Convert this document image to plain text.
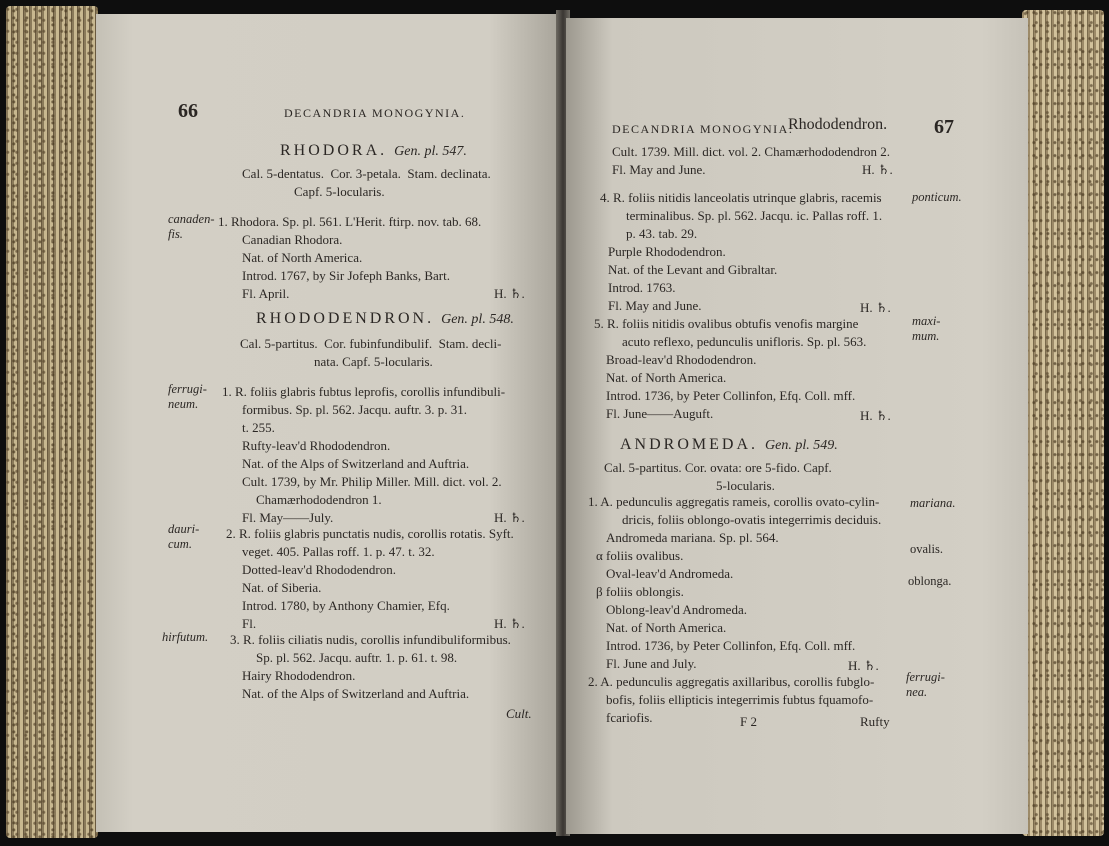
66	DECANDRIA MONOGYNIA.
RHODORA. Gen. pl. 547.
Cal. 5-dentatus. Cor. 3-petala. Stam. declinata.
Capf. 5-locularis.
canaden-fis.
1. Rhodora. Sp. pl. 561. L'Herit. ftirp. nov. tab. 68.
Canadian Rhodora.
Nat. of North America.
Introd. 1767, by Sir Jofeph Banks, Bart.
Fl. April.	H. ♄.
RHODODENDRON. Gen. pl. 548.
Cal. 5-partitus. Cor. fubinfundibulif. Stam. decli-
nata. Capf. 5-locularis.
ferrugi-neum.
1. R. foliis glabris fubtus leprofis, corollis infundibuli-
formibus. Sp. pl. 562. Jacqu. auftr. 3. p. 31.
t. 255.
Rufty-leav'd Rhododendron.
Nat. of the Alps of Switzerland and Auftria.
Cult. 1739, by Mr. Philip Miller. Mill. dict. vol. 2.
Chamærhododendron 1.
Fl. May——July.	H. ♄.
dauri-cum.
2. R. foliis glabris punctatis nudis, corollis rotatis. Syft.
veget. 405. Pallas roff. 1. p. 47. t. 32.
Dotted-leav'd Rhododendron.
Nat. of Siberia.
Introd. 1780, by Anthony Chamier, Efq.
Fl.	H. ♄.
hirfutum.	3. R. foliis ciliatis nudis, corollis infundibuliformibus.
Sp. pl. 562. Jacqu. auftr. 1. p. 61. t. 98.
Hairy Rhododendron.
Nat. of the Alps of Switzerland and Auftria.
Cult.
DECANDRIA MONOGYNIA.
Rhododendron. 67
Cult. 1739. Mill. dict. vol. 2. Chamærhododendron 2.
Fl. May and June.	H. ♄.
ponticum.
4. R. foliis nitidis lanceolatis utrinque glabris, racemis
terminalibus. Sp. pl. 562. Jacqu. ic. Pallas roff. 1.
p. 43. tab. 29.
Purple Rhododendron.
Nat. of the Levant and Gibraltar.
Introd. 1763.
Fl. May and June.	H. ♄.
maxi-mum.
5. R. foliis nitidis ovalibus obtufis venofis margine
acuto reflexo, pedunculis unifloris. Sp. pl. 563.
Broad-leav'd Rhododendron.
Nat. of North America.
Introd. 1736, by Peter Collinfon, Efq. Coll. mff.
Fl. June——Auguft.	H. ♄.
ANDROMEDA. Gen. pl. 549.
Cal. 5-partitus. Cor. ovata: ore 5-fido. Capf.
5-locularis.
mariana.
1. A. pedunculis aggregatis rameis, corollis ovato-cylin-
dricis, foliis oblongo-ovatis integerrimis deciduis.
Andromeda mariana. Sp. pl. 564.
α foliis ovalibus.	ovalis.
Oval-leav'd Andromeda.
β foliis oblongis.
oblonga.
Oblong-leav'd Andromeda.
Nat. of North America.
Introd. 1736, by Peter Collinfon, Efq. Coll. mff.
Fl. June and July.	H. ♄.
ferrugi-nea.
2. A. pedunculis aggregatis axillaribus, corollis fubglo-
bofis, foliis ellipticis integerrimis fubtus fquamofo-
fcariofis.	F 2	Rufty
